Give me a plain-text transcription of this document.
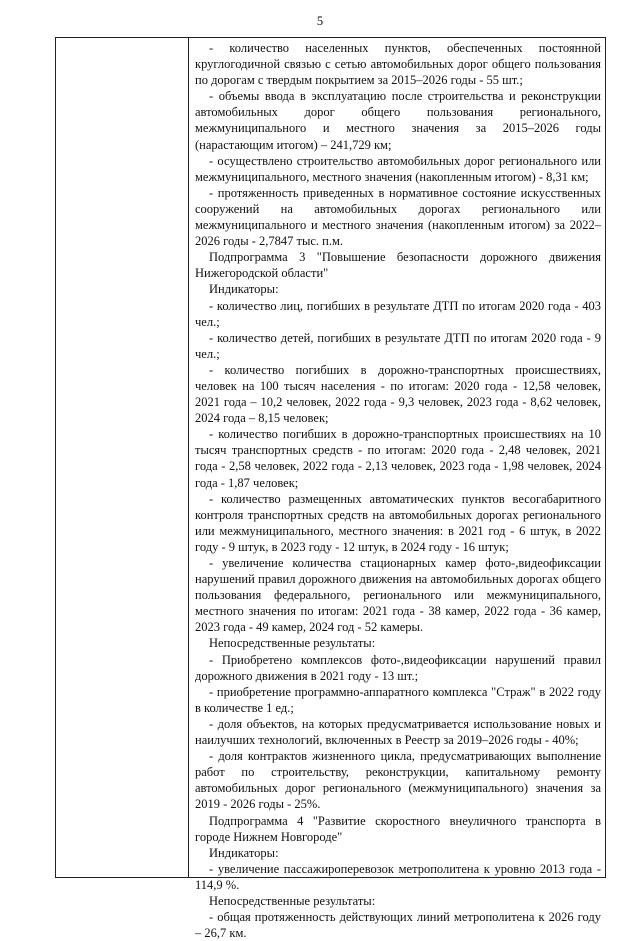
5

- количество населенных пунктов, обеспеченных постоянной круглогодичной связью с сетью автомобильных дорог общего пользования по дорогам с твердым покрытием за 2015–2026 годы - 55 шт.;

- объемы ввода в эксплуатацию после строительства и реконструкции автомобильных дорог общего пользования регионального, межмуниципального и местного значения за 2015–2026 годы (нарастающим итогом) – 241,729 км;

- осуществлено строительство автомобильных дорог регионального или межмуниципального, местного значения (накопленным итогом) - 8,31 км;

- протяженность приведенных в нормативное состояние искусственных сооружений на автомобильных дорогах регионального или межмуниципального и местного значения (накопленным итогом) за 2022–2026 годы - 2,7847 тыс. п.м.

Подпрограмма 3 "Повышение безопасности дорожного движения Нижегородской области"

Индикаторы:

- количество лиц, погибших в результате ДТП по итогам 2020 года - 403 чел.;

- количество детей, погибших в результате ДТП по итогам 2020 года - 9 чел.;

- количество погибших в дорожно-транспортных происшествиях, человек на 100 тысяч населения - по итогам: 2020 года - 12,58 человек, 2021 года – 10,2 человек, 2022 года - 9,3 человек, 2023 года - 8,62 человек, 2024 года – 8,15 человек;

- количество погибших в дорожно-транспортных происшествиях на 10 тысяч транспортных средств - по итогам: 2020 года - 2,48 человек, 2021 года - 2,58 человек, 2022 года - 2,13 человек, 2023 года - 1,98 человек, 2024 года - 1,87 человек;

- количество размещенных автоматических пунктов весогабаритного контроля транспортных средств на автомобильных дорогах регионального или межмуниципального, местного значения: в 2021 год - 6 штук, в 2022 году - 9 штук, в 2023 году - 12 штук, в 2024 году - 16 штук;

- увеличение количества стационарных камер фото-,видеофиксации нарушений правил дорожного движения на автомобильных дорогах общего пользования федерального, регионального или межмуниципального, местного значения по итогам: 2021 года - 38 камер, 2022 года - 36 камер, 2023 года - 49 камер, 2024 год - 52 камеры.

Непосредственные результаты:

- Приобретено комплексов фото-,видеофиксации нарушений правил дорожного движения в 2021 году - 13 шт.;

- приобретение программно-аппаратного комплекса "Страж" в 2022 году в количестве 1 ед.;

- доля объектов, на которых предусматривается использование новых и наилучших технологий, включенных в Реестр за 2019–2026 годы - 40%;

- доля контрактов жизненного цикла, предусматривающих выполнение работ по строительству, реконструкции, капитальному ремонту автомобильных дорог регионального (межмуниципального) значения за 2019 - 2026 годы - 25%.

Подпрограмма 4 "Развитие скоростного внеуличного транспорта в городе Нижнем Новгороде"

Индикаторы:

- увеличение пассажироперевозок метрополитена к уровню 2013 года - 114,9 %.

Непосредственные результаты:

- общая протяженность действующих линий метрополитена к 2026 году – 26,7 км.
